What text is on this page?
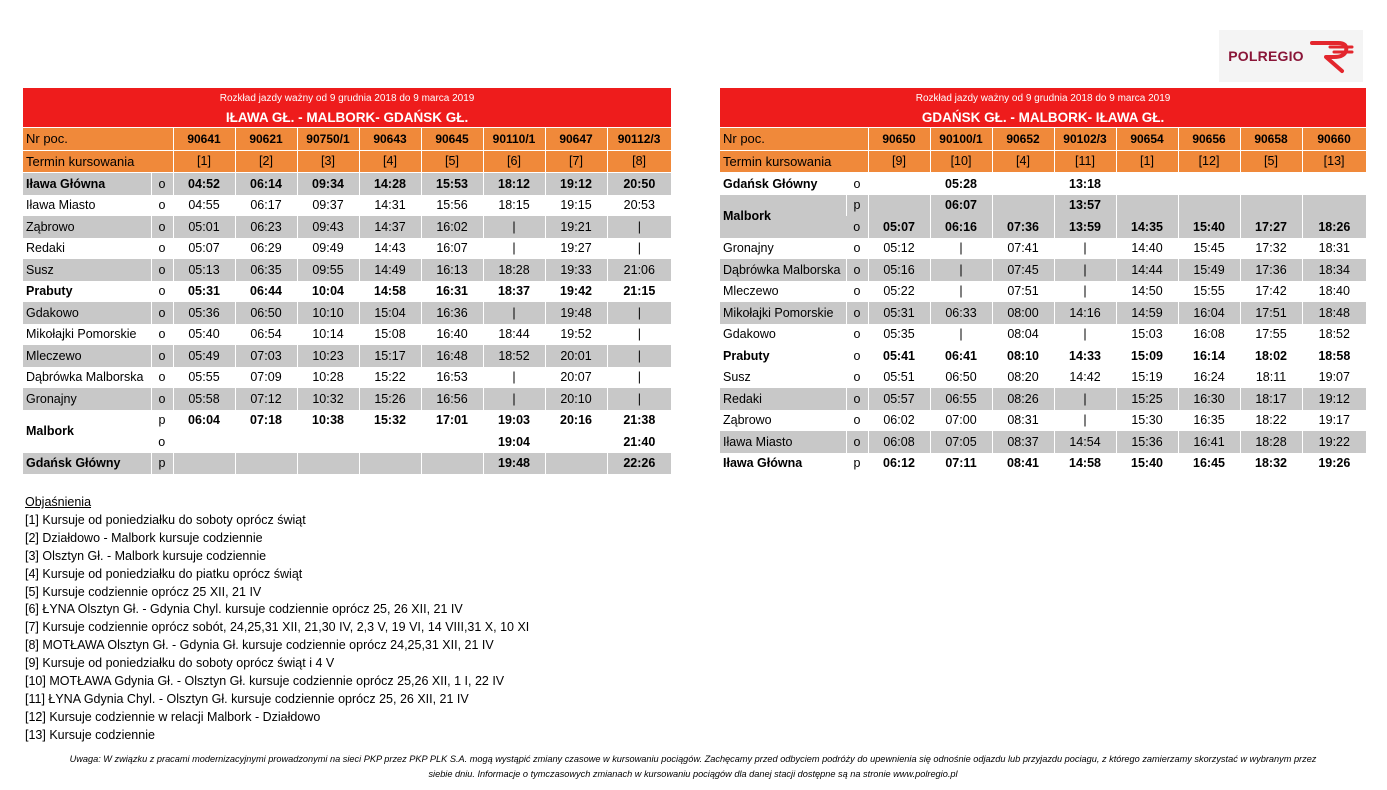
POLREGIO
Rozkład jazdy ważny od 9 grudnia 2018 do 9 marca 2019									
IŁAWA GŁ. - MALBORK- GDAŃSK GŁ.									
Nr poc.		90641	90621	90750/1	90643	90645	90110/1	90647	90112/3
Termin kursowania		[1]	[2]	[3]	[4]	[5]	[6]	[7]	[8]
Iława Główna	o	04:52	06:14	09:34	14:28	15:53	18:12	19:12	20:50
Iława Miasto	o	04:55	06:17	09:37	14:31	15:56	18:15	19:15	20:53
Ząbrowo	o	05:01	06:23	09:43	14:37	16:02	|	19:21	|
Redaki	o	05:07	06:29	09:49	14:43	16:07	|	19:27	|
Susz	o	05:13	06:35	09:55	14:49	16:13	18:28	19:33	21:06
Prabuty	o	05:31	06:44	10:04	14:58	16:31	18:37	19:42	21:15
Gdakowo	o	05:36	06:50	10:10	15:04	16:36	|	19:48	|
Mikołajki Pomorskie	o	05:40	06:54	10:14	15:08	16:40	18:44	19:52	|
Mleczewo	o	05:49	07:03	10:23	15:17	16:48	18:52	20:01	|
Dąbrówka Malborska	o	05:55	07:09	10:28	15:22	16:53	|	20:07	|
Gronajny	o	05:58	07:12	10:32	15:26	16:56	|	20:10	|
Malbork	p	06:04	07:18	10:38	15:32	17:01	19:03	20:16	21:38
	o						19:04		21:40
Gdańsk Główny	p						19:48		22:26
Rozkład jazdy ważny od 9 grudnia 2018 do 9 marca 2019									
GDAŃSK GŁ. - MALBORK- IŁAWA GŁ.									
Nr poc.		90650	90100/1	90652	90102/3	90654	90656	90658	90660
Termin kursowania		[9]	[10]	[4]	[11]	[1]	[12]	[5]	[13]
Gdańsk Główny	o		05:28		13:18				
Malbork	p		06:07		13:57				
	o	05:07	06:16	07:36	13:59	14:35	15:40	17:27	18:26
Gronajny	o	05:12	|	07:41	|	14:40	15:45	17:32	18:31
Dąbrówka Malborska	o	05:16	|	07:45	|	14:44	15:49	17:36	18:34
Mleczewo	o	05:22	|	07:51	|	14:50	15:55	17:42	18:40
Mikołajki Pomorskie	o	05:31	06:33	08:00	14:16	14:59	16:04	17:51	18:48
Gdakowo	o	05:35	|	08:04	|	15:03	16:08	17:55	18:52
Prabuty	o	05:41	06:41	08:10	14:33	15:09	16:14	18:02	18:58
Susz	o	05:51	06:50	08:20	14:42	15:19	16:24	18:11	19:07
Redaki	o	05:57	06:55	08:26	|	15:25	16:30	18:17	19:12
Ząbrowo	o	06:02	07:00	08:31	|	15:30	16:35	18:22	19:17
Iława Miasto	o	06:08	07:05	08:37	14:54	15:36	16:41	18:28	19:22
Iława Główna	p	06:12	07:11	08:41	14:58	15:40	16:45	18:32	19:26
Objaśnienia
[1] Kursuje od poniedziałku do soboty oprócz świąt
[2] Działdowo - Malbork kursuje codziennie
[3] Olsztyn Gł. - Malbork kursuje codziennie
[4] Kursuje od poniedziałku do piatku oprócz świąt
[5] Kursuje codziennie oprócz 25 XII, 21 IV
[6] ŁYNA Olsztyn Gł. - Gdynia Chyl. kursuje codziennie oprócz 25, 26 XII, 21 IV
[7] Kursuje codziennie oprócz sobót, 24,25,31 XII, 21,30 IV, 2,3 V, 19 VI, 14 VIII,31 X, 10 XI
[8] MOTŁAWA Olsztyn Gł. - Gdynia Gł. kursuje codziennie oprócz 24,25,31 XII, 21 IV
[9] Kursuje od poniedziałku do soboty oprócz świąt i 4 V
[10] MOTŁAWA Gdynia Gł. - Olsztyn Gł. kursuje codziennie oprócz 25,26 XII, 1 I, 22 IV
[11] ŁYNA Gdynia Chyl. - Olsztyn Gł. kursuje codziennie oprócz 25, 26 XII, 21 IV
[12] Kursuje codziennie w relacji Malbork - Działdowo
[13] Kursuje codziennie
Uwaga: W związku z pracami modernizacyjnymi prowadzonymi na sieci PKP przez PKP PLK S.A. mogą wystąpić zmiany czasowe w kursowaniu pociągów. Zachęcamy przed odbyciem podróży do upewnienia się odnośnie odjazdu lub przyjazdu pociagu, z którego zamierzamy skorzystać w wybranym przez
siebie dniu. Informacje o tymczasowych zmianach w kursowaniu pociągów dla danej stacji dostępne są na stronie www.polregio.pl
